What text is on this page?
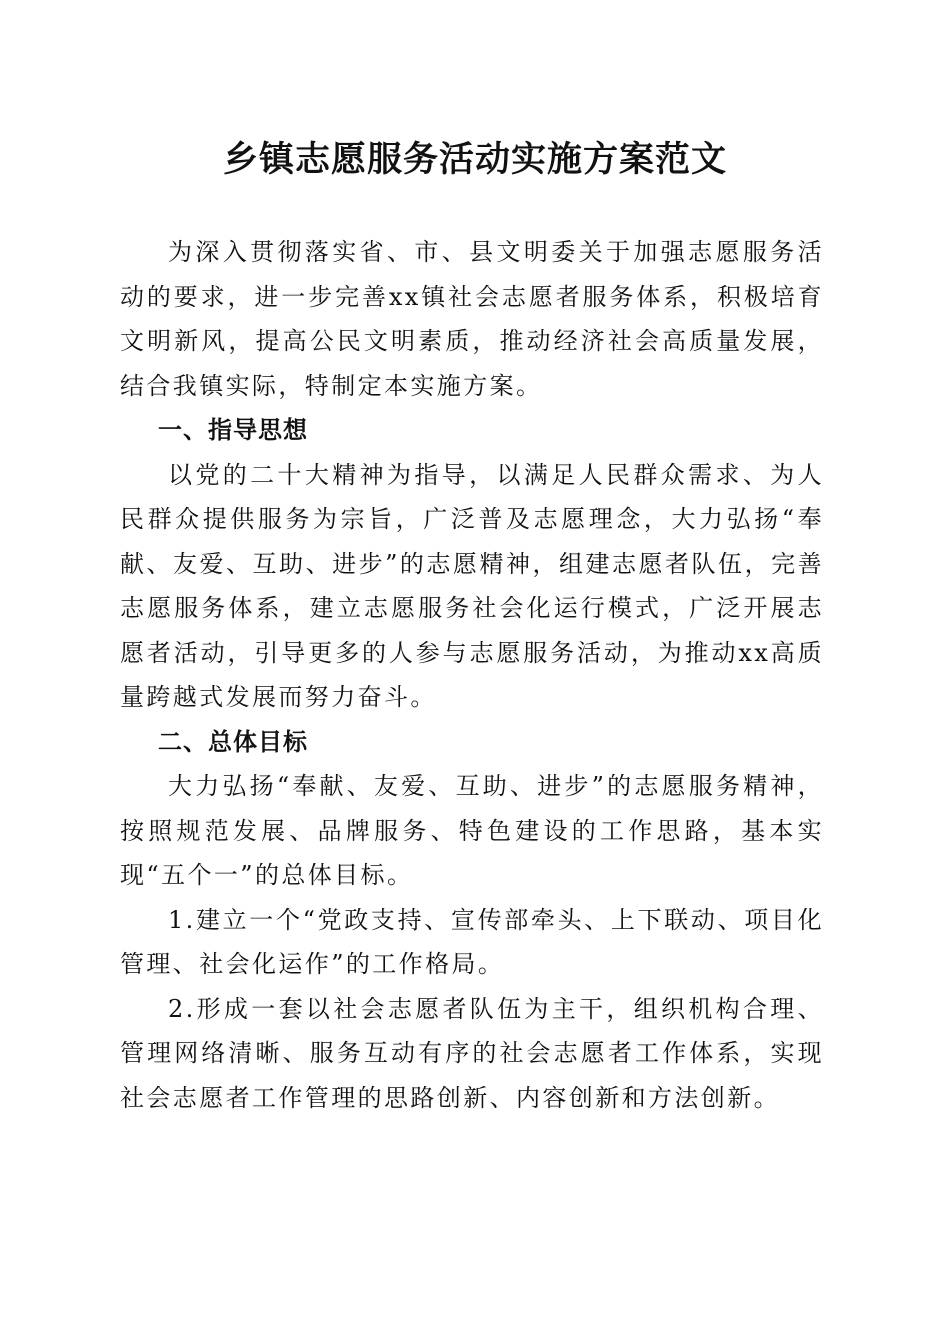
乡镇志愿服务活动实施方案范文

为深入贯彻落实省、市、县文明委关于加强志愿服务活动的要求，进一步完善xx镇社会志愿者服务体系，积极培育文明新风，提高公民文明素质，推动经济社会高质量发展，结合我镇实际，特制定本实施方案。

一、指导思想

以党的二十大精神为指导，以满足人民群众需求、为人民群众提供服务为宗旨，广泛普及志愿理念，大力弘扬“奉献、友爱、互助、进步”的志愿精神，组建志愿者队伍，完善志愿服务体系，建立志愿服务社会化运行模式，广泛开展志愿者活动，引导更多的人参与志愿服务活动，为推动xx高质量跨越式发展而努力奋斗。

二、总体目标

大力弘扬“奉献、友爱、互助、进步”的志愿服务精神，按照规范发展、品牌服务、特色建设的工作思路，基本实现“五个一”的总体目标。

1.建立一个“党政支持、宣传部牵头、上下联动、项目化管理、社会化运作”的工作格局。

2.形成一套以社会志愿者队伍为主干，组织机构合理、管理网络清晰、服务互动有序的社会志愿者工作体系，实现社会志愿者工作管理的思路创新、内容创新和方法创新。
